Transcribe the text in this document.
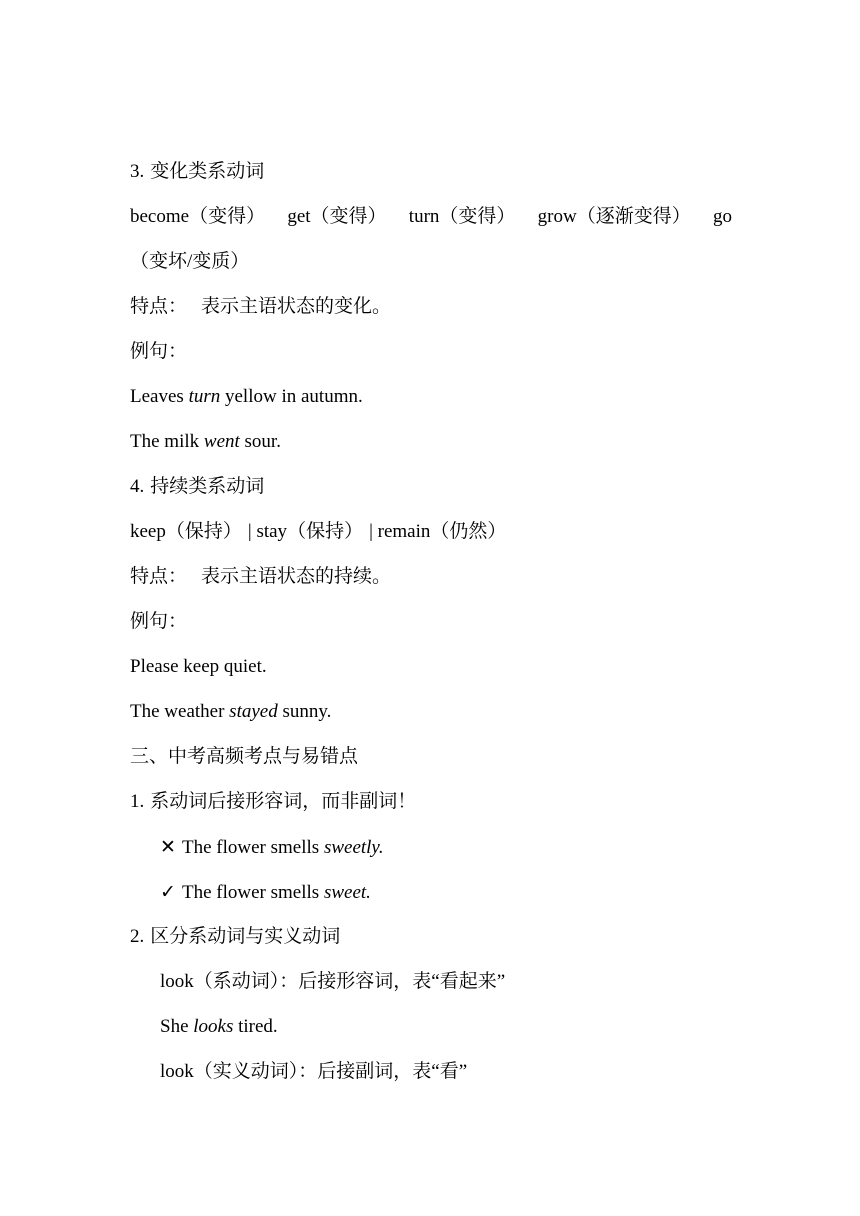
3. 变化类系动词
become（变得） get（变得） turn（变得） grow（逐渐变得） go
（变坏/变质）
特点： 表示主语状态的变化。
例句：
Leaves turn yellow in autumn.
The milk went sour.
4. 持续类系动词
keep（保持） | stay（保持） | remain（仍然）
特点： 表示主语状态的持续。
例句：
Please keep quiet.
The weather stayed sunny.
三、中考高频考点与易错点
1. 系动词后接形容词，而非副词！
✕ The flower smells sweetly.
✓ The flower smells sweet.
2. 区分系动词与实义动词
look（系动词）：后接形容词，表“看起来”
She looks tired.
look（实义动词）：后接副词，表“看”
